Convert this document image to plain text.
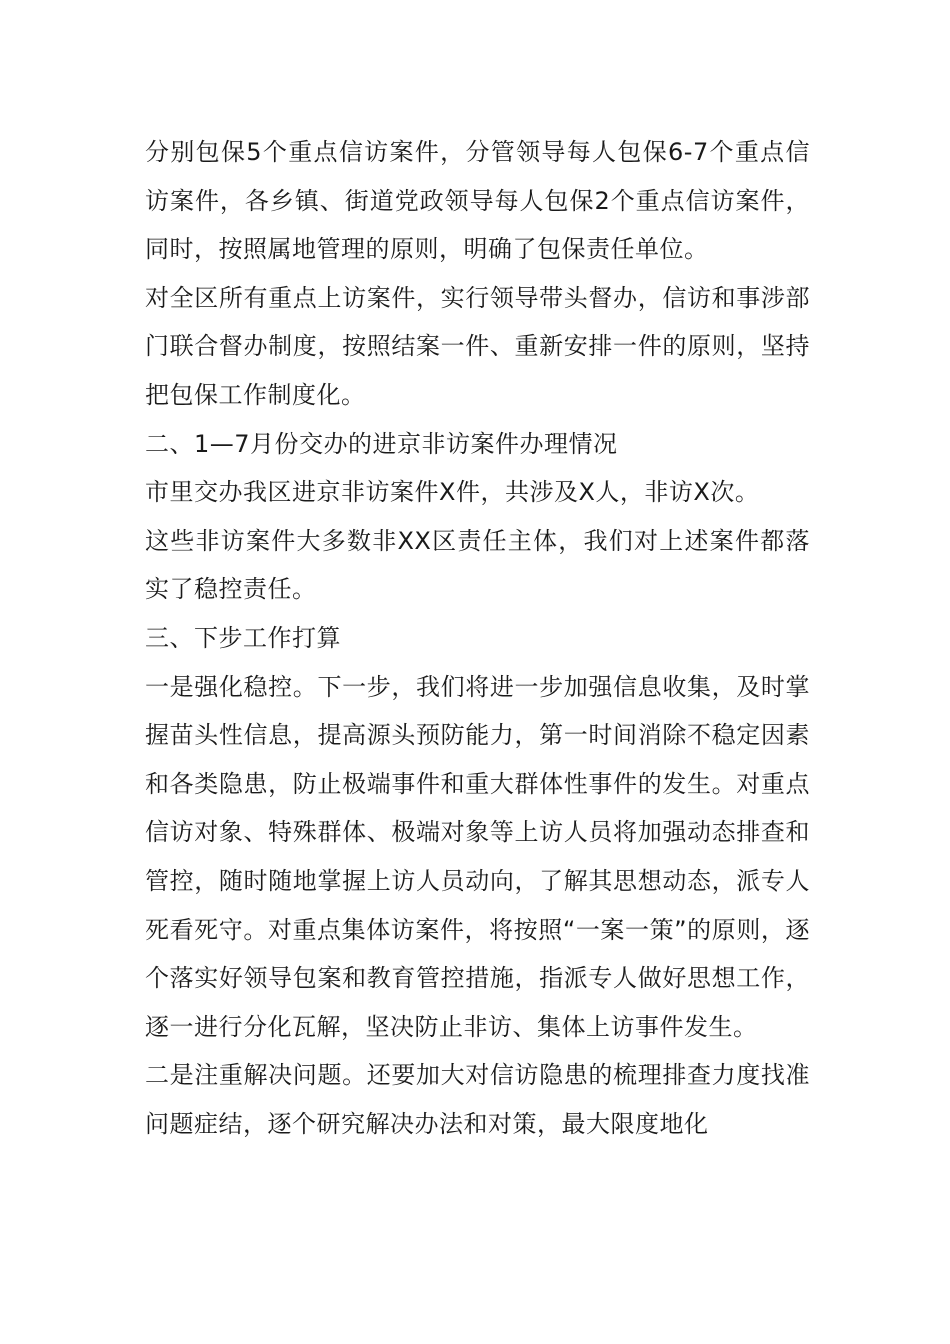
分别包保5个重点信访案件，分管领导每人包保6-7个重点信访案件，各乡镇、街道党政领导每人包保2个重点信访案件，同时，按照属地管理的原则，明确了包保责任单位。

对全区所有重点上访案件，实行领导带头督办，信访和事涉部门联合督办制度，按照结案一件、重新安排一件的原则，坚持把包保工作制度化。

二、1—7月份交办的进京非访案件办理情况

市里交办我区进京非访案件X件，共涉及X人，非访X次。

这些非访案件大多数非XX区责任主体，我们对上述案件都落实了稳控责任。

三、下步工作打算

一是强化稳控。下一步，我们将进一步加强信息收集，及时掌握苗头性信息，提高源头预防能力，第一时间消除不稳定因素和各类隐患，防止极端事件和重大群体性事件的发生。对重点信访对象、特殊群体、极端对象等上访人员将加强动态排查和管控，随时随地掌握上访人员动向，了解其思想动态，派专人死看死守。对重点集体访案件，将按照“一案一策”的原则，逐个落实好领导包案和教育管控措施，指派专人做好思想工作，逐一进行分化瓦解，坚决防止非访、集体上访事件发生。

二是注重解决问题。还要加大对信访隐患的梳理排查力度找准问题症结，逐个研究解决办法和对策，最大限度地化
